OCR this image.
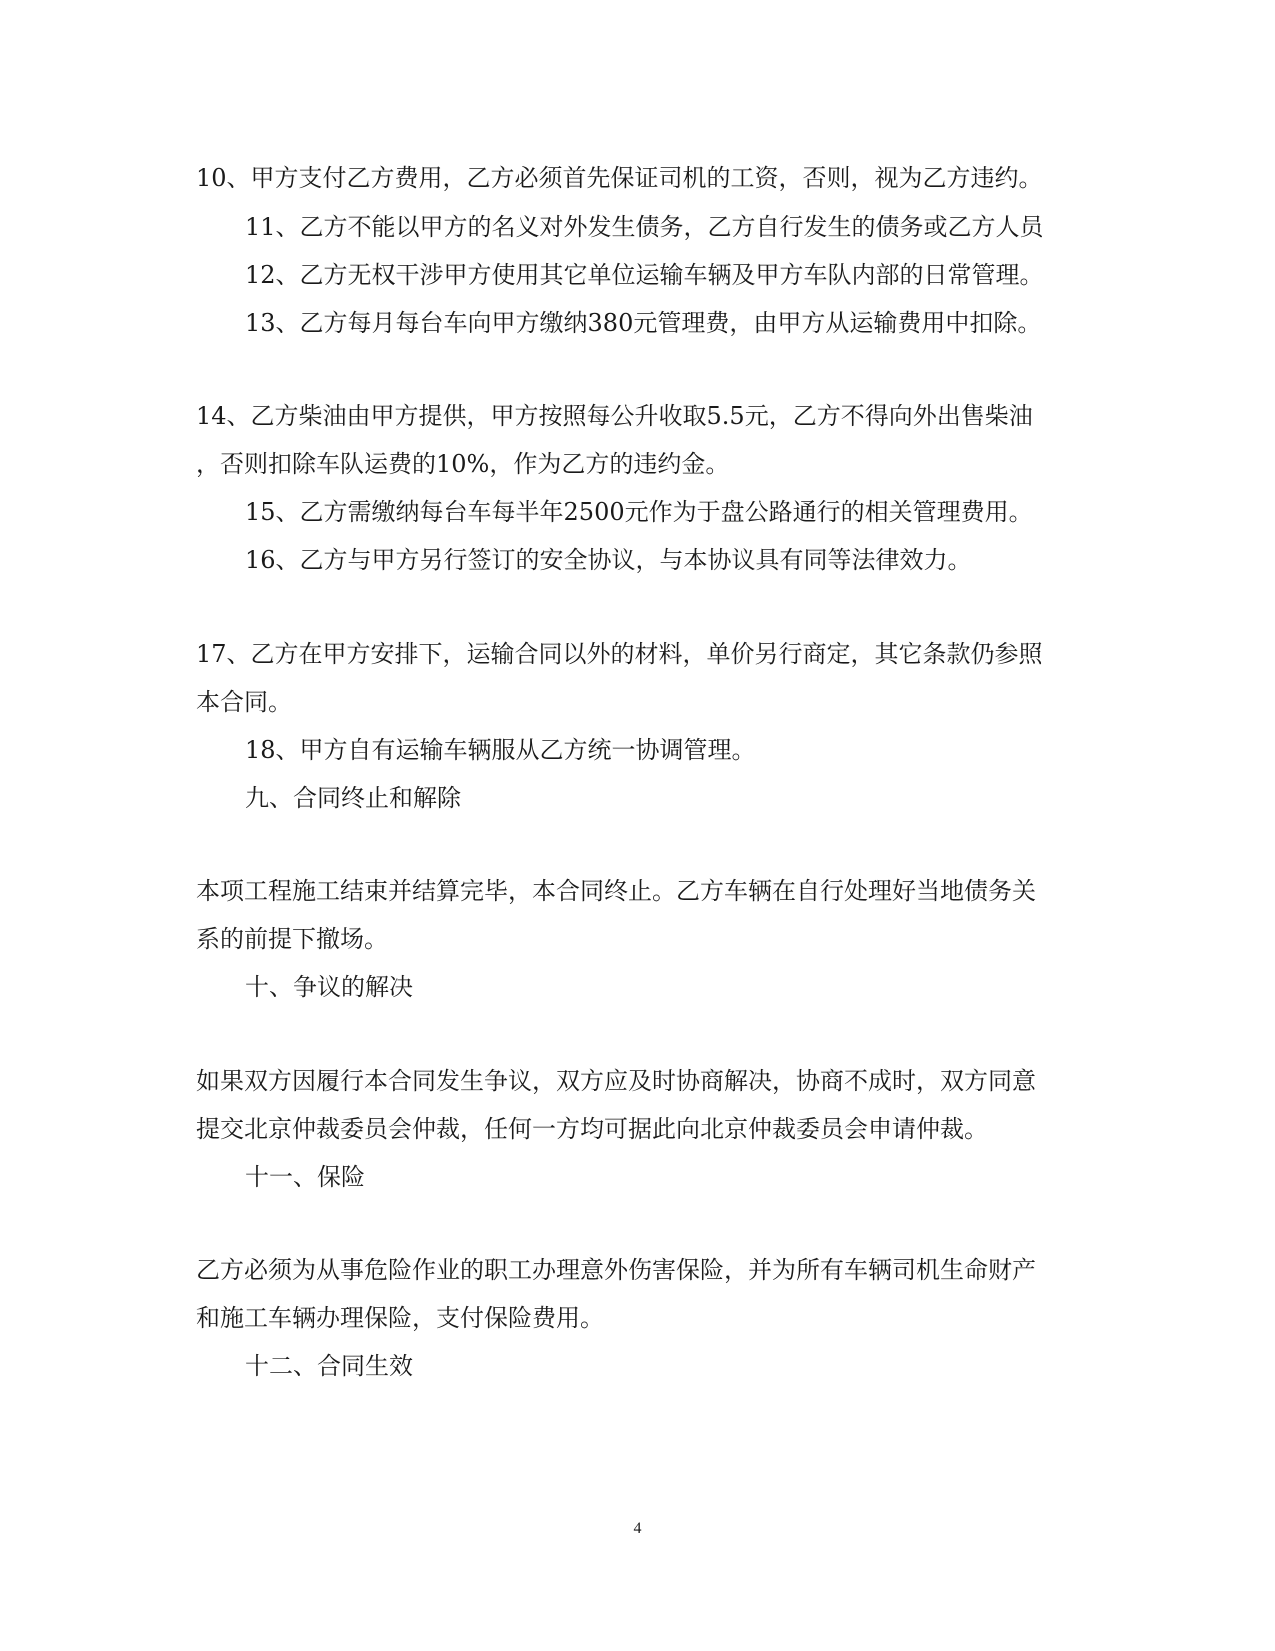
10、甲方支付乙方费用，乙方必须首先保证司机的工资，否则，视为乙方违约。
11、乙方不能以甲方的名义对外发生债务，乙方自行发生的债务或乙方人员
12、乙方无权干涉甲方使用其它单位运输车辆及甲方车队内部的日常管理。
13、乙方每月每台车向甲方缴纳380元管理费，由甲方从运输费用中扣除。
14、乙方柴油由甲方提供，甲方按照每公升收取5.5元，乙方不得向外出售柴油
，否则扣除车队运费的10%，作为乙方的违约金。
15、乙方需缴纳每台车每半年2500元作为于盘公路通行的相关管理费用。
16、乙方与甲方另行签订的安全协议，与本协议具有同等法律效力。
17、乙方在甲方安排下，运输合同以外的材料，单价另行商定，其它条款仍参照
本合同。
18、甲方自有运输车辆服从乙方统一协调管理。
九、合同终止和解除
本项工程施工结束并结算完毕，本合同终止。乙方车辆在自行处理好当地债务关
系的前提下撤场。
十、争议的解决
如果双方因履行本合同发生争议，双方应及时协商解决，协商不成时，双方同意
提交北京仲裁委员会仲裁，任何一方均可据此向北京仲裁委员会申请仲裁。
十一、保险
乙方必须为从事危险作业的职工办理意外伤害保险，并为所有车辆司机生命财产
和施工车辆办理保险，支付保险费用。
十二、合同生效
4
